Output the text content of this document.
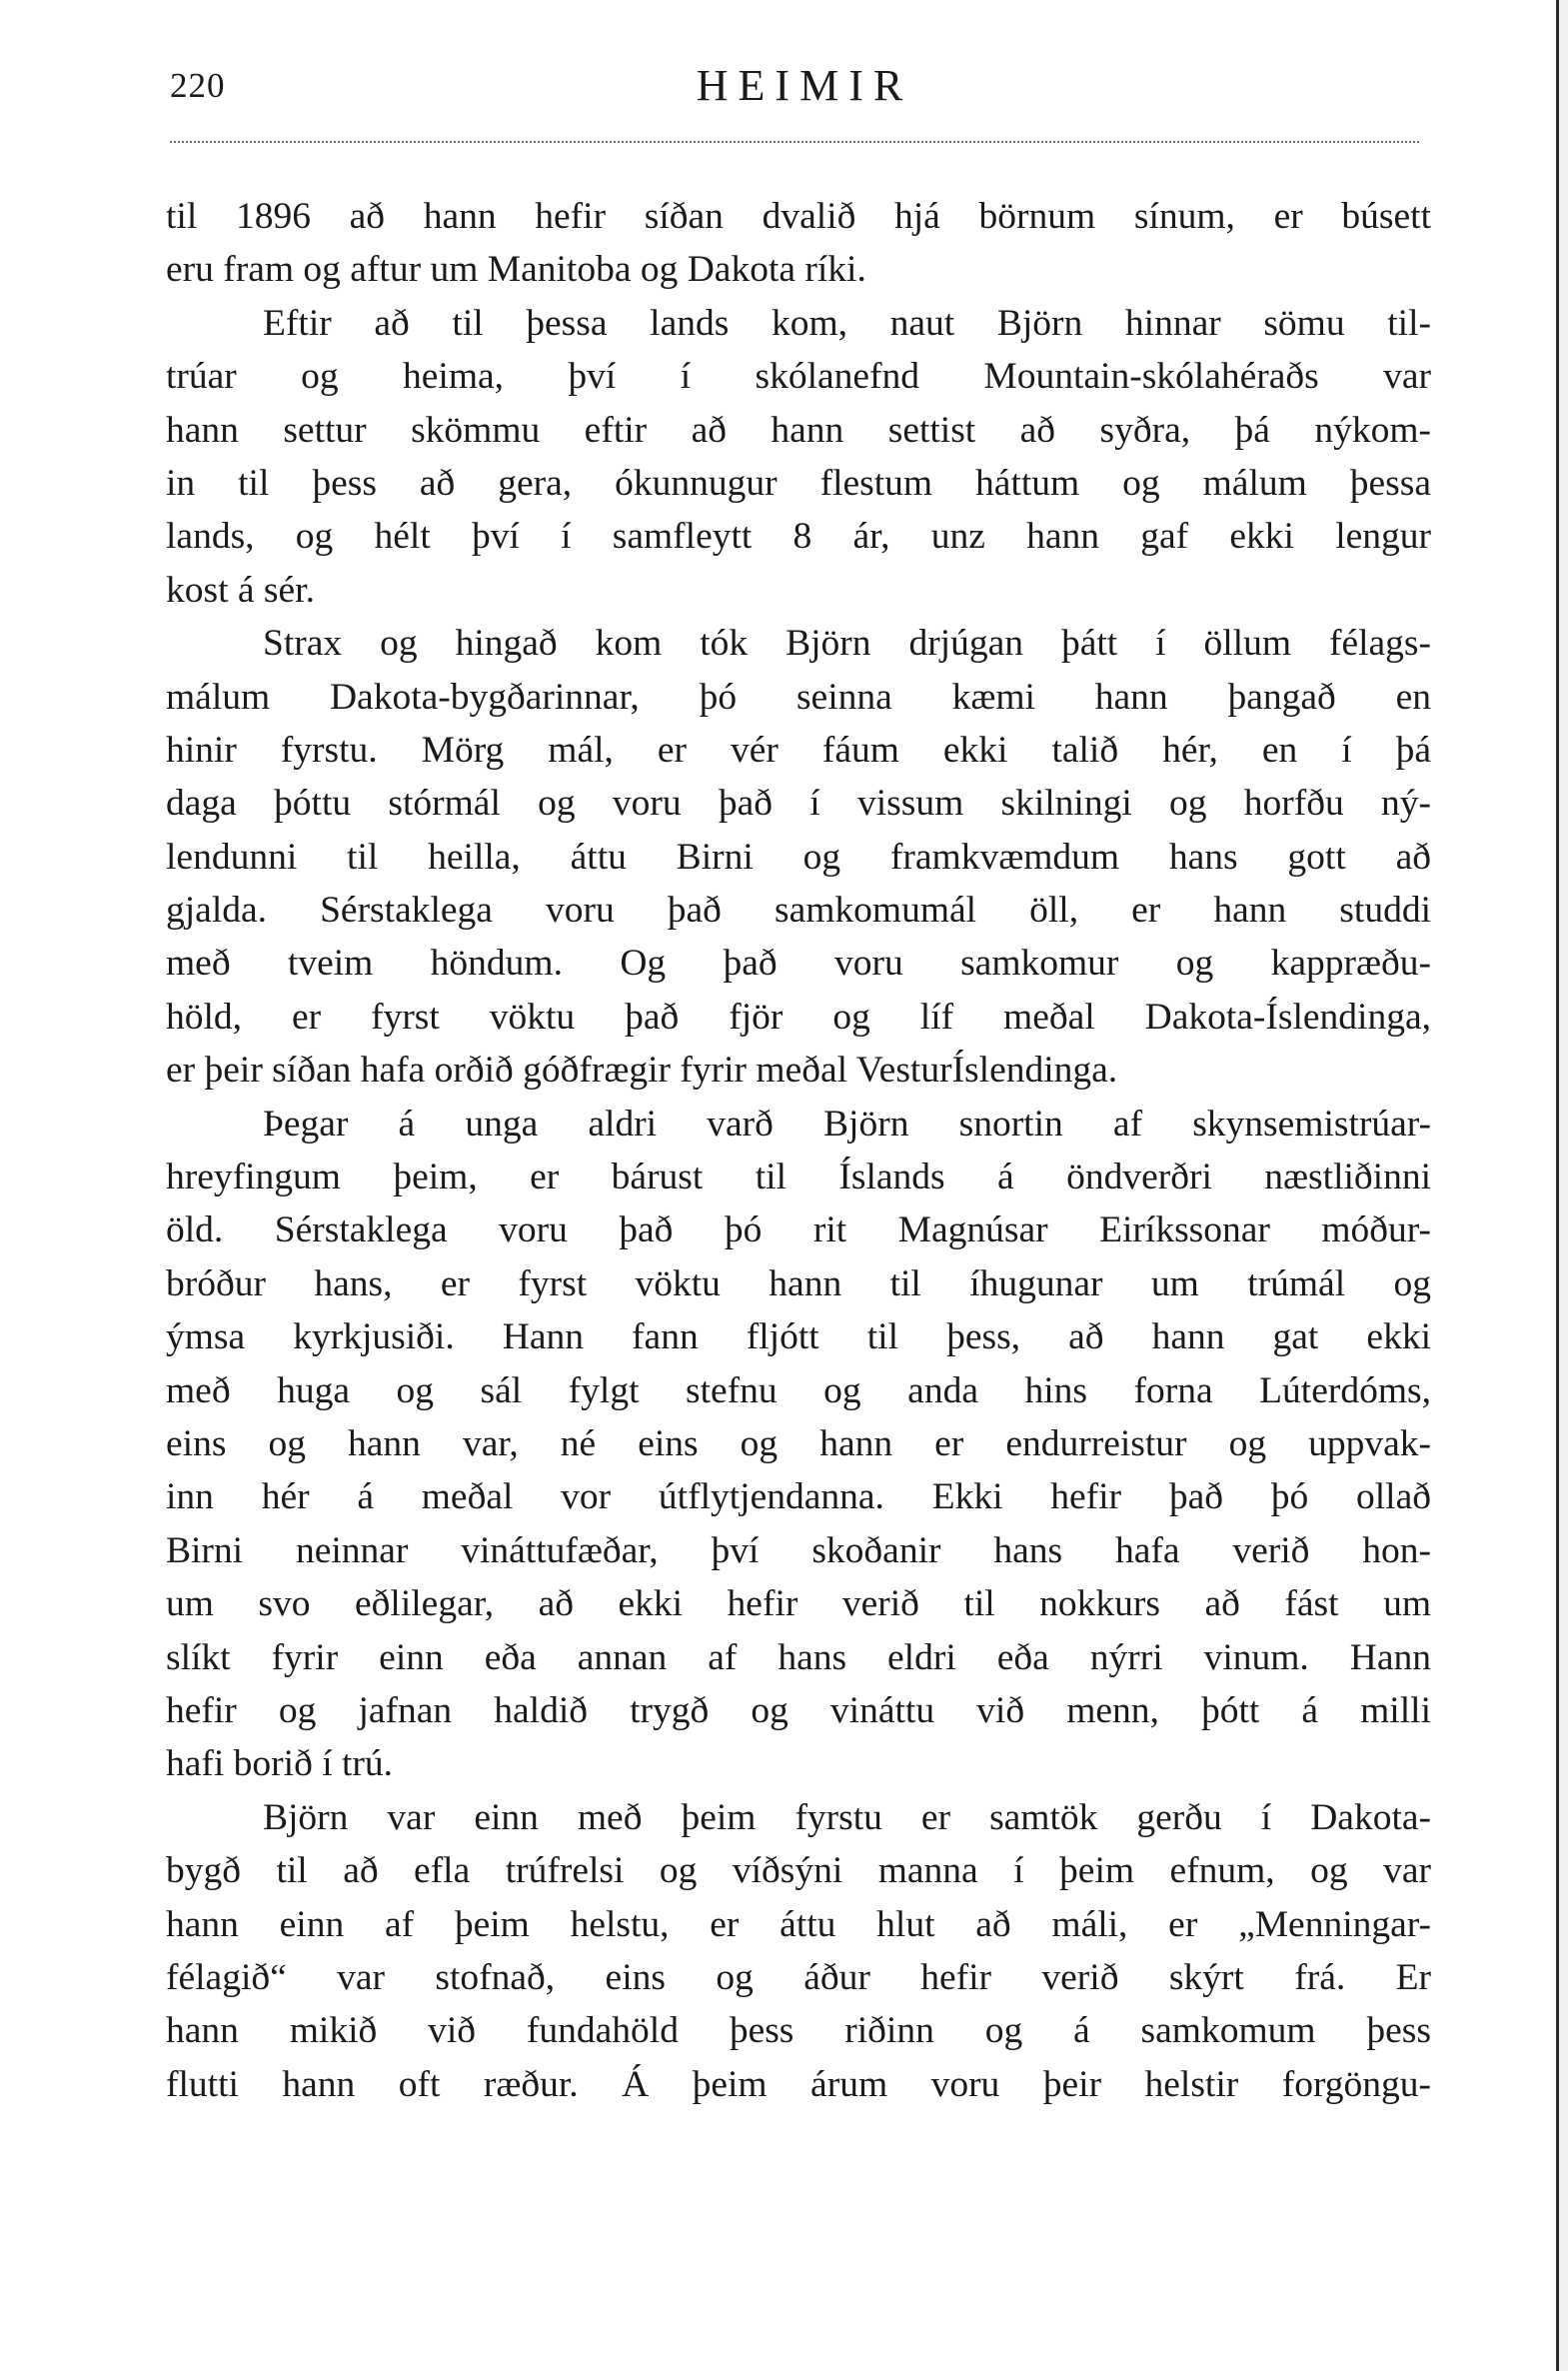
220	HEIMIR
til 1896 að hann hefir síðan dvalið hjá börnum sínum, er búsett
eru fram og aftur um Manitoba og Dakota ríki.
Eftir að til þessa lands kom, naut Björn hinnar sömu til-
trúar og heima, því í skólanefnd Mountain-skólahéraðs var
hann settur skömmu eftir að hann settist að syðra, þá nýkom-
in til þess að gera, ókunnugur flestum háttum og málum þessa
lands, og hélt því í samfleytt 8 ár, unz hann gaf ekki lengur
kost á sér.
Strax og hingað kom tók Björn drjúgan þátt í öllum félags-
málum Dakota-bygðarinnar, þó seinna kæmi hann þangað en
hinir fyrstu. Mörg mál, er vér fáum ekki talið hér, en í þá
daga þóttu stórmál og voru það í vissum skilningi og horfðu ný-
lendunni til heilla, áttu Birni og framkvæmdum hans gott að
gjalda. Sérstaklega voru það samkomumál öll, er hann studdi
með tveim höndum. Og það voru samkomur og kappræðu-
höld, er fyrst vöktu það fjör og líf meðal Dakota-Íslendinga,
er þeir síðan hafa orðið góðfrægir fyrir meðal VesturÍslendinga.
Þegar á unga aldri varð Björn snortin af skynsemistrúar-
hreyfingum þeim, er bárust til Íslands á öndverðri næstliðinni
öld. Sérstaklega voru það þó rit Magnúsar Eiríkssonar móður-
bróður hans, er fyrst vöktu hann til íhugunar um trúmál og
ýmsa kyrkjusiði. Hann fann fljótt til þess, að hann gat ekki
með huga og sál fylgt stefnu og anda hins forna Lúterdóms,
eins og hann var, né eins og hann er endurreistur og uppvak-
inn hér á meðal vor útflytjendanna. Ekki hefir það þó ollað
Birni neinnar vináttufæðar, því skoðanir hans hafa verið hon-
um svo eðlilegar, að ekki hefir verið til nokkurs að fást um
slíkt fyrir einn eða annan af hans eldri eða nýrri vinum. Hann
hefir og jafnan haldið trygð og vináttu við menn, þótt á milli
hafi borið í trú.
Björn var einn með þeim fyrstu er samtök gerðu í Dakota-
bygð til að efla trúfrelsi og víðsýni manna í þeim efnum, og var
hann einn af þeim helstu, er áttu hlut að máli, er „Menningar-
félagið“ var stofnað, eins og áður hefir verið skýrt frá. Er
hann mikið við fundahöld þess riðinn og á samkomum þess
flutti hann oft ræður. Á þeim árum voru þeir helstir forgöngu-
